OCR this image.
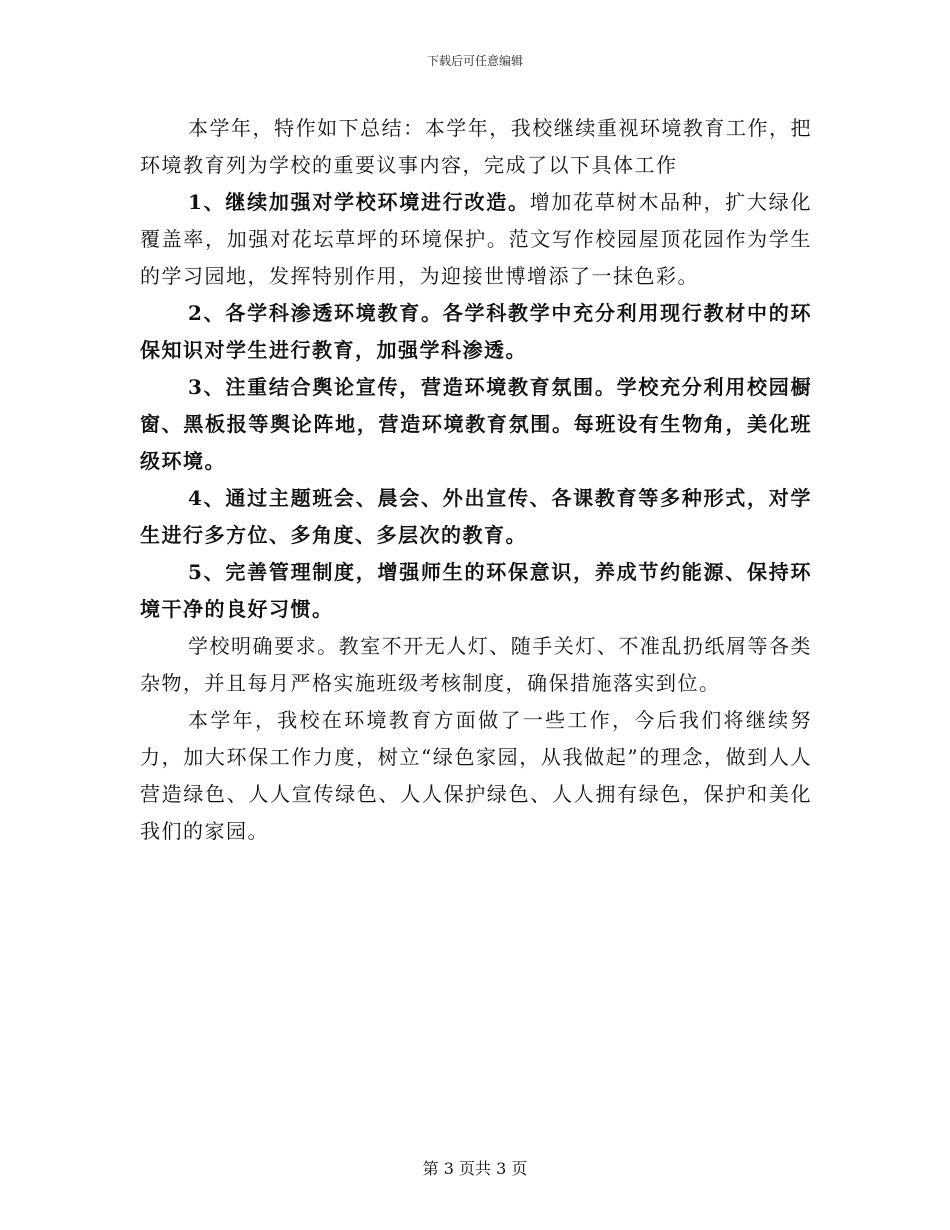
下载后可任意编辑

本学年，特作如下总结：本学年，我校继续重视环境教育工作，把环境教育列为学校的重要议事内容，完成了以下具体工作

1、继续加强对学校环境进行改造。增加花草树木品种，扩大绿化覆盖率，加强对花坛草坪的环境保护。范文写作校园屋顶花园作为学生的学习园地，发挥特别作用，为迎接世博增添了一抹色彩。

2、各学科渗透环境教育。各学科教学中充分利用现行教材中的环保知识对学生进行教育，加强学科渗透。

3、注重结合舆论宣传，营造环境教育氛围。学校充分利用校园橱窗、黑板报等舆论阵地，营造环境教育氛围。每班设有生物角，美化班级环境。

4、通过主题班会、晨会、外出宣传、各课教育等多种形式，对学生进行多方位、多角度、多层次的教育。

5、完善管理制度，增强师生的环保意识，养成节约能源、保持环境干净的良好习惯。

学校明确要求。教室不开无人灯、随手关灯、不准乱扔纸屑等各类杂物，并且每月严格实施班级考核制度，确保措施落实到位。

本学年，我校在环境教育方面做了一些工作，今后我们将继续努力，加大环保工作力度，树立“绿色家园，从我做起”的理念，做到人人营造绿色、人人宣传绿色、人人保护绿色、人人拥有绿色，保护和美化我们的家园。

第 3 页共 3 页
